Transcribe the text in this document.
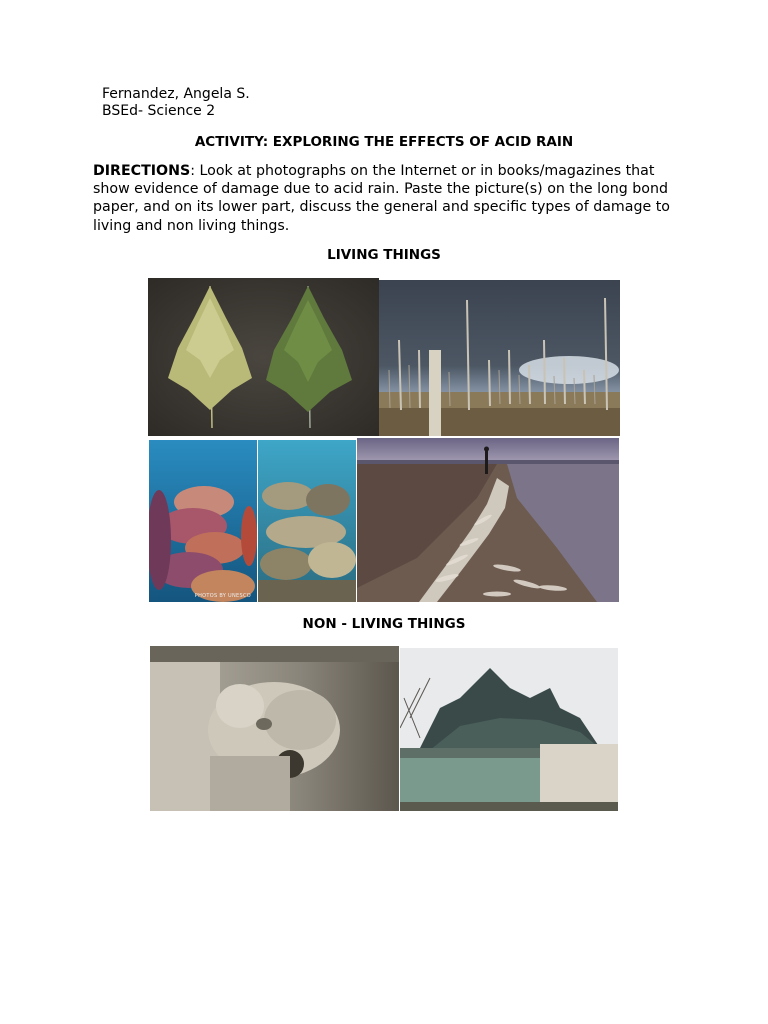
Fernandez, Angela S.
BSEd- Science 2
ACTIVITY: EXPLORING THE EFFECTS OF ACID RAIN
DIRECTIONS: Look at photographs on the Internet or in books/magazines that show evidence of damage due to acid rain. Paste the picture(s) on the long bond paper, and on its lower part, discuss the general and specific types of damage to living and non living things.
LIVING THINGS
PHOTOS BY UNESCO
NON - LIVING THINGS
